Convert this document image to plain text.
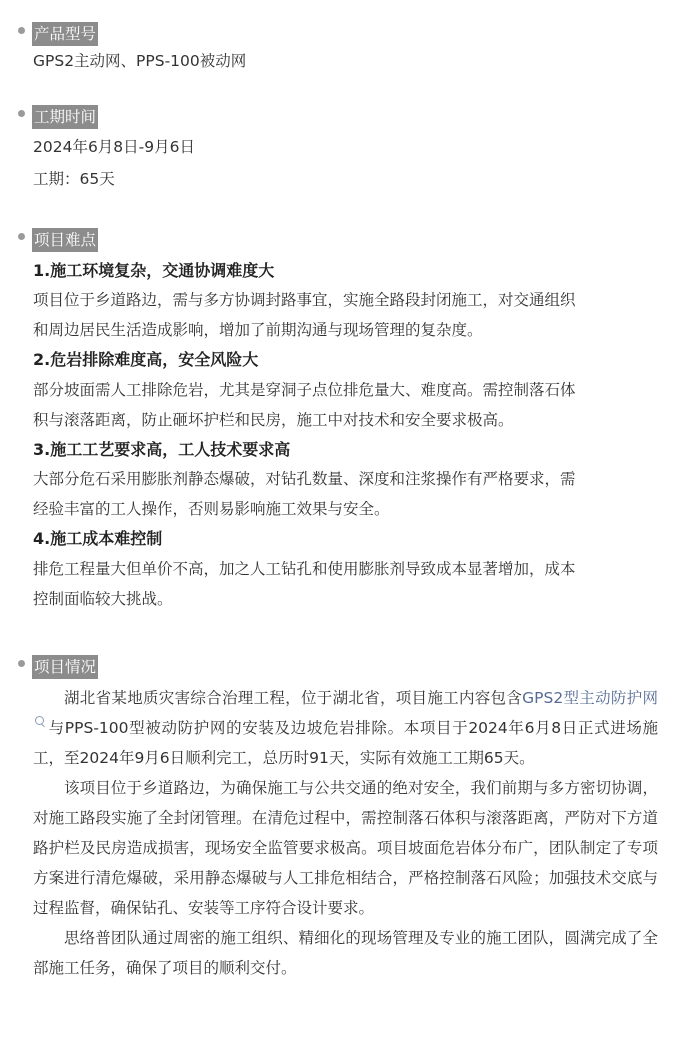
产品型号
GPS2主动网、PPS-100被动网
工期时间
2024年6月8日-9月6日
工期：65天
项目难点
1.施工环境复杂，交通协调难度大
项目位于乡道路边，需与多方协调封路事宜，实施全路段封闭施工，对交通组织
和周边居民生活造成影响，增加了前期沟通与现场管理的复杂度。
2.危岩排除难度高，安全风险大
部分坡面需人工排除危岩，尤其是穿洞子点位排危量大、难度高。需控制落石体
积与滚落距离，防止砸坏护栏和民房，施工中对技术和安全要求极高。
3.施工工艺要求高，工人技术要求高
大部分危石采用膨胀剂静态爆破，对钻孔数量、深度和注浆操作有严格要求，需
经验丰富的工人操作，否则易影响施工效果与安全。
4.施工成本难控制
排危工程量大但单价不高，加之人工钻孔和使用膨胀剂导致成本显著增加，成本
控制面临较大挑战。
项目情况

湖北省某地质灾害综合治理工程，位于湖北省，项目施工内容包含GPS2型主动防护网与PPS-100型被动防护网的安装及边坡危岩排除。本项目于2024年6月8日正式进场施工，至2024年9月6日顺利完工，总历时91天，实际有效施工工期65天。

该项目位于乡道路边，为确保施工与公共交通的绝对安全，我们前期与多方密切协调，对施工路段实施了全封闭管理。在清危过程中，需控制落石体积与滚落距离，严防对下方道路护栏及民房造成损害，现场安全监管要求极高。项目坡面危岩体分布广，团队制定了专项方案进行清危爆破，采用静态爆破与人工排危相结合，严格控制落石风险；加强技术交底与过程监督，确保钻孔、安装等工序符合设计要求。

思络普团队通过周密的施工组织、精细化的现场管理及专业的施工团队，圆满完成了全部施工任务，确保了项目的顺利交付。
